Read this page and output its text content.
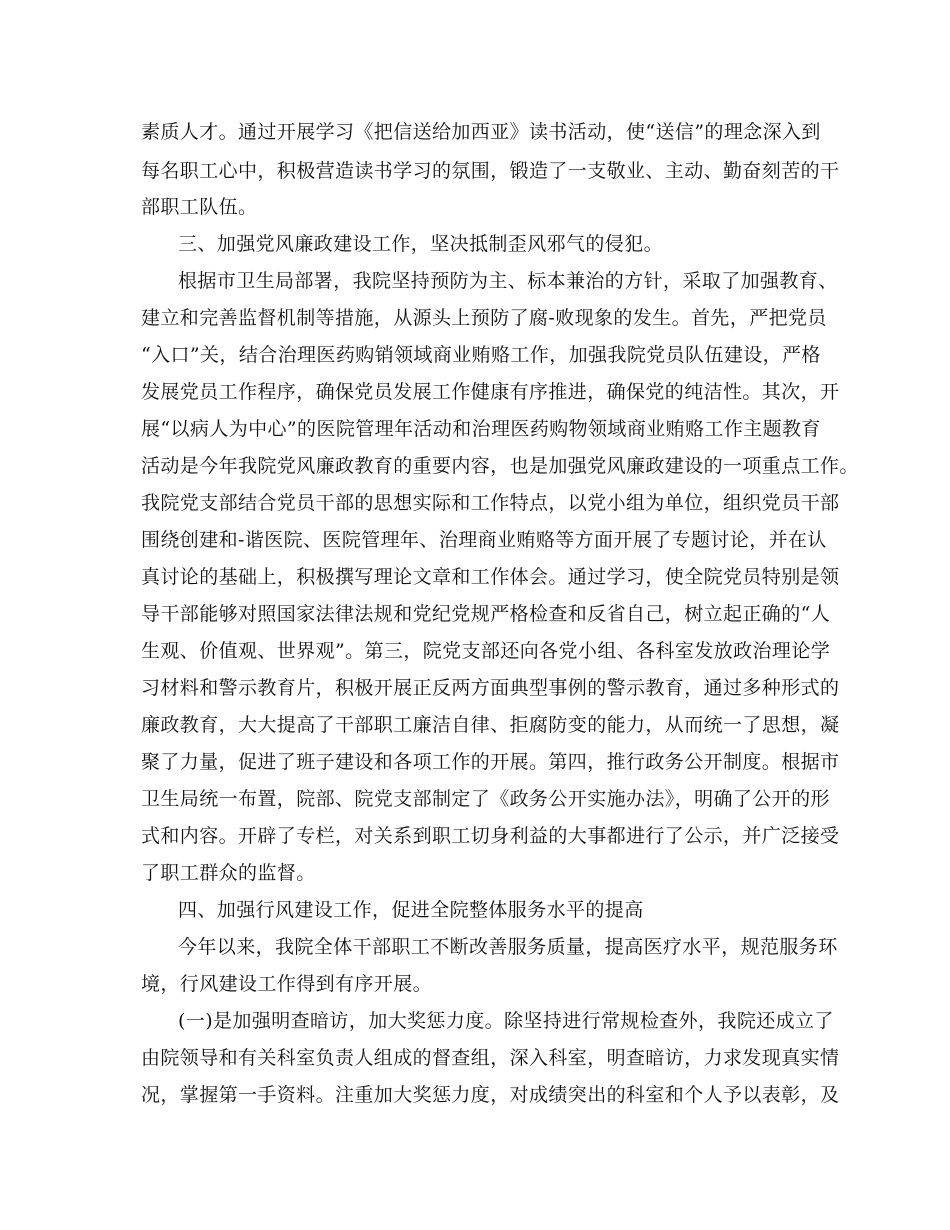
素质人才。通过开展学习《把信送给加西亚》读书活动，使“送信”的理念深入到
每名职工心中，积极营造读书学习的氛围，锻造了一支敬业、主动、勤奋刻苦的干
部职工队伍。
三、加强党风廉政建设工作，坚决抵制歪风邪气的侵犯。
根据市卫生局部署，我院坚持预防为主、标本兼治的方针，采取了加强教育、
建立和完善监督机制等措施，从源头上预防了腐-败现象的发生。首先，严把党员
“入口”关，结合治理医药购销领域商业贿赂工作，加强我院党员队伍建设，严格
发展党员工作程序，确保党员发展工作健康有序推进，确保党的纯洁性。其次，开
展“以病人为中心”的医院管理年活动和治理医药购物领域商业贿赂工作主题教育
活动是今年我院党风廉政教育的重要内容，也是加强党风廉政建设的一项重点工作。
我院党支部结合党员干部的思想实际和工作特点，以党小组为单位，组织党员干部
围绕创建和-谐医院、医院管理年、治理商业贿赂等方面开展了专题讨论，并在认
真讨论的基础上，积极撰写理论文章和工作体会。通过学习，使全院党员特别是领
导干部能够对照国家法律法规和党纪党规严格检查和反省自己，树立起正确的“人
生观、价值观、世界观”。第三，院党支部还向各党小组、各科室发放政治理论学
习材料和警示教育片，积极开展正反两方面典型事例的警示教育，通过多种形式的
廉政教育，大大提高了干部职工廉洁自律、拒腐防变的能力，从而统一了思想，凝
聚了力量，促进了班子建设和各项工作的开展。第四，推行政务公开制度。根据市
卫生局统一布置，院部、院党支部制定了《政务公开实施办法》，明确了公开的形
式和内容。开辟了专栏，对关系到职工切身利益的大事都进行了公示，并广泛接受
了职工群众的监督。
四、加强行风建设工作，促进全院整体服务水平的提高
今年以来，我院全体干部职工不断改善服务质量，提高医疗水平，规范服务环
境，行风建设工作得到有序开展。
(一)是加强明查暗访，加大奖惩力度。除坚持进行常规检查外，我院还成立了
由院领导和有关科室负责人组成的督查组，深入科室，明查暗访，力求发现真实情
况，掌握第一手资料。注重加大奖惩力度，对成绩突出的科室和个人予以表彰，及
